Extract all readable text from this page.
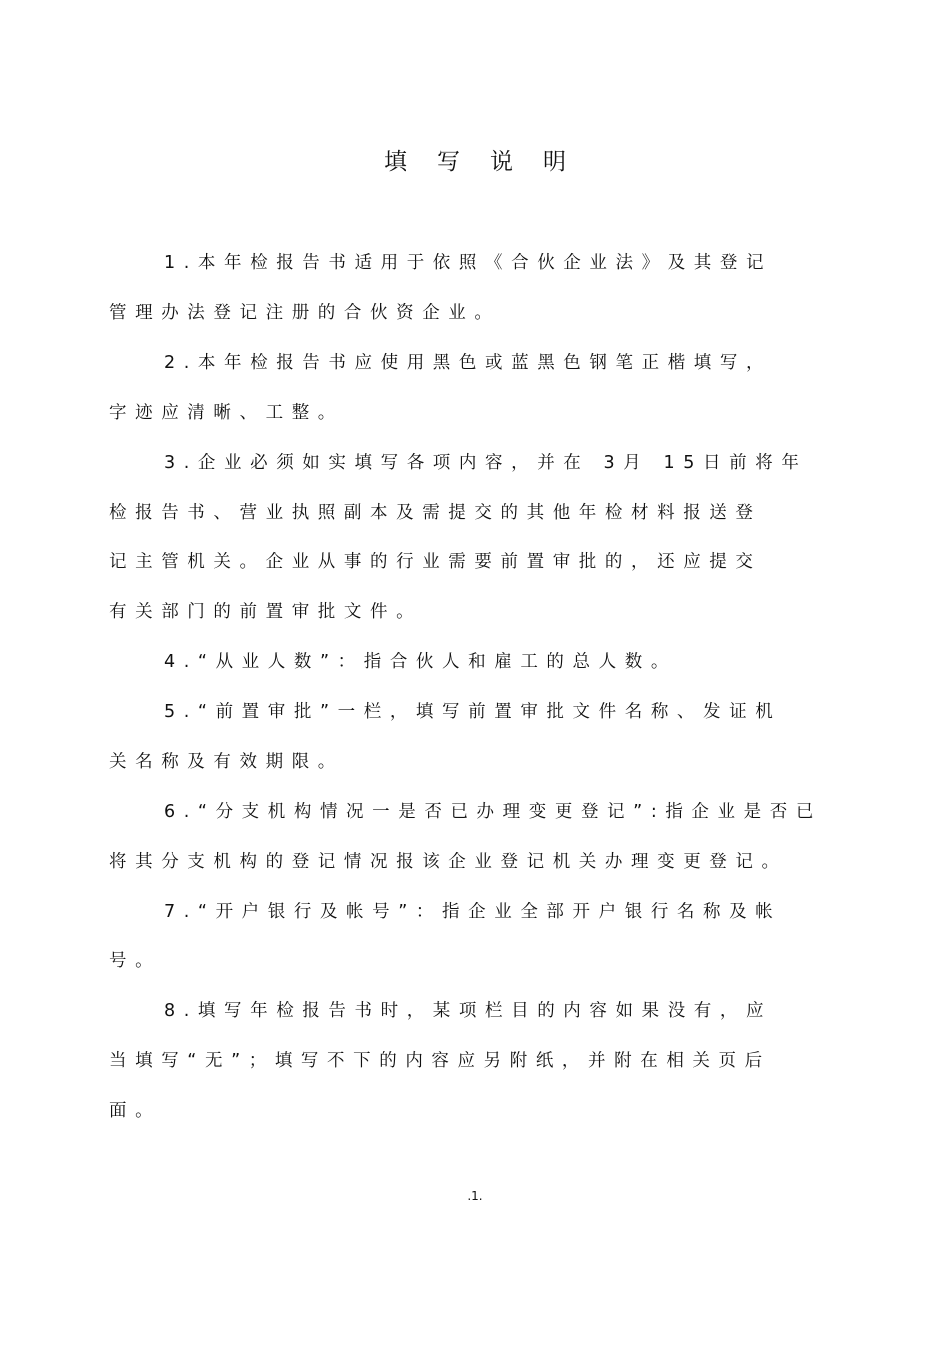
填写说明
1.本年检报告书适用于依照《合伙企业法》及其登记
管理办法登记注册的合伙资企业。
2.本年检报告书应使用黑色或蓝黑色钢笔正楷填写，
字迹应清晰、工整。
3.企业必须如实填写各项内容，并在 3月 15日前将年
检报告书、营业执照副本及需提交的其他年检材料报送登
记主管机关。企业从事的行业需要前置审批的，还应提交
有关部门的前置审批文件。
4.“从业人数”：指合伙人和雇工的总人数。
5.“前置审批”一栏，填写前置审批文件名称、发证机
关名称及有效期限。
6.“分支机构情况一是否已办理变更登记”:指企业是否已
将其分支机构的登记情况报该企业登记机关办理变更登记。
7.“开户银行及帐号”：指企业全部开户银行名称及帐
号。
8.填写年检报告书时，某项栏目的内容如果没有，应
当填写“无”；填写不下的内容应另附纸，并附在相关页后
面。
.1.
